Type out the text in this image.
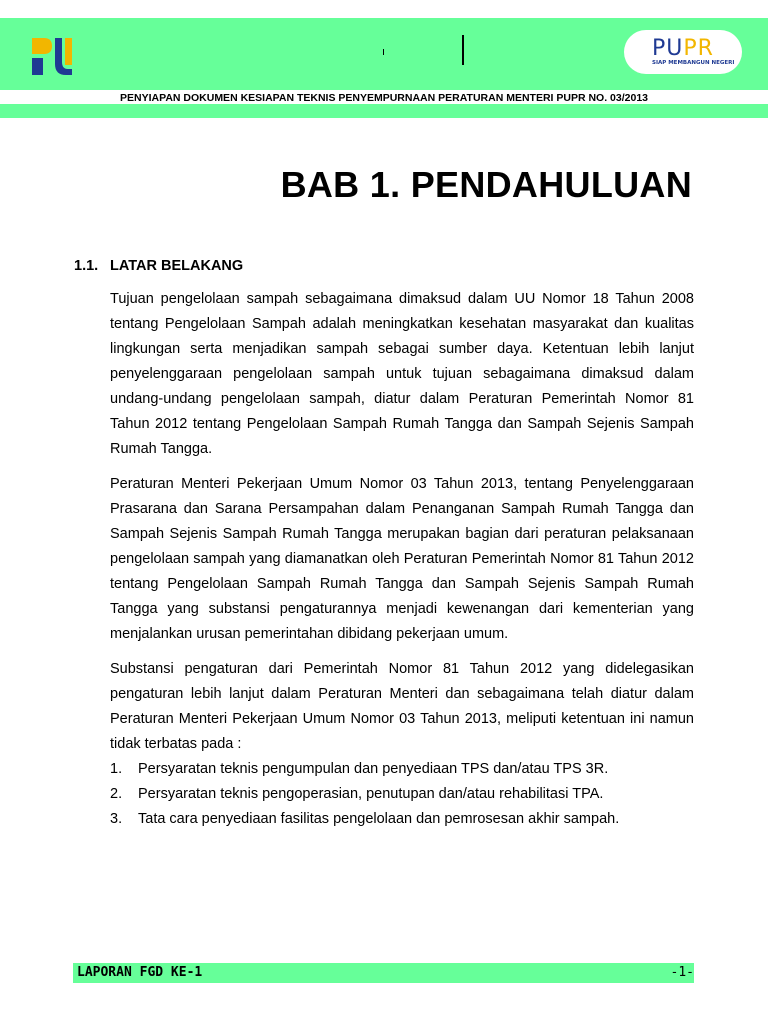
PUPR
SIAP MEMBANGUN NEGERI
PENYIAPAN DOKUMEN KESIAPAN TEKNIS PENYEMPURNAAN PERATURAN MENTERI PUPR NO. 03/2013
BAB 1. PENDAHULUAN
1.1. LATAR BELAKANG

Tujuan pengelolaan sampah sebagaimana dimaksud dalam UU Nomor 18 Tahun 2008 tentang Pengelolaan Sampah adalah meningkatkan kesehatan masyarakat dan kualitas lingkungan serta menjadikan sampah sebagai sumber daya. Ketentuan lebih lanjut penyelenggaraan pengelolaan sampah untuk tujuan sebagaimana dimaksud dalam undang-undang pengelolaan sampah, diatur dalam Peraturan Pemerintah Nomor 81 Tahun 2012 tentang Pengelolaan Sampah Rumah Tangga dan Sampah Sejenis Sampah Rumah Tangga.

Peraturan Menteri Pekerjaan Umum Nomor 03 Tahun 2013, tentang Penyelenggaraan Prasarana dan Sarana Persampahan dalam Penanganan Sampah Rumah Tangga dan Sampah Sejenis Sampah Rumah Tangga merupakan bagian dari peraturan pelaksanaan pengelolaan sampah yang diamanatkan oleh Peraturan Pemerintah Nomor 81 Tahun 2012 tentang Pengelolaan Sampah Rumah Tangga dan Sampah Sejenis Sampah Rumah Tangga yang substansi pengaturannya menjadi kewenangan dari kementerian yang menjalankan urusan pemerintahan dibidang pekerjaan umum.

Substansi pengaturan dari Pemerintah Nomor 81 Tahun 2012 yang didelegasikan pengaturan lebih lanjut dalam Peraturan Menteri dan sebagaimana telah diatur dalam Peraturan Menteri Pekerjaan Umum Nomor 03 Tahun 2013, meliputi ketentuan ini namun tidak terbatas pada :

1.	Persyaratan teknis pengumpulan dan penyediaan TPS dan/atau TPS 3R.
2.	Persyaratan teknis pengoperasian, penutupan dan/atau rehabilitasi TPA.
3.	Tata cara penyediaan fasilitas pengelolaan dan pemrosesan akhir sampah.
LAPORAN FGD KE-1	-1-
